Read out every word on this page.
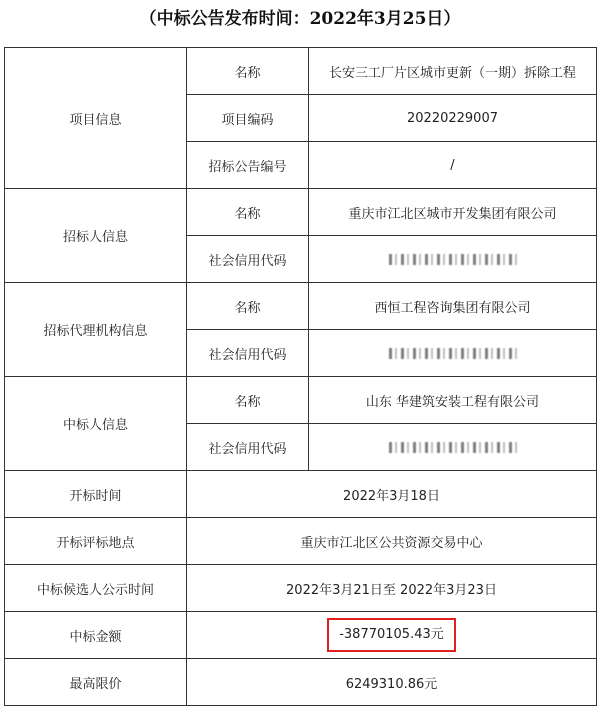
（中标公告发布时间：2022年3月25日）
项目信息	名称	长安三工厂片区城市更新（一期）拆除工程
	项目编码	20220229007
	招标公告编号	/
招标人信息	名称	重庆市江北区城市开发集团有限公司
	社会信用代码	
招标代理机构信息	名称	西恒工程咨询集团有限公司
	社会信用代码	
中标人信息	名称	山东 华建筑安装工程有限公司
	社会信用代码	
开标时间	2022年3月18日	
开标评标地点	重庆市江北区公共资源交易中心	
中标候选人公示时间	2022年3月21日至 2022年3月23日	
中标金额	-38770105.43元	
最高限价	6249310.86元	
